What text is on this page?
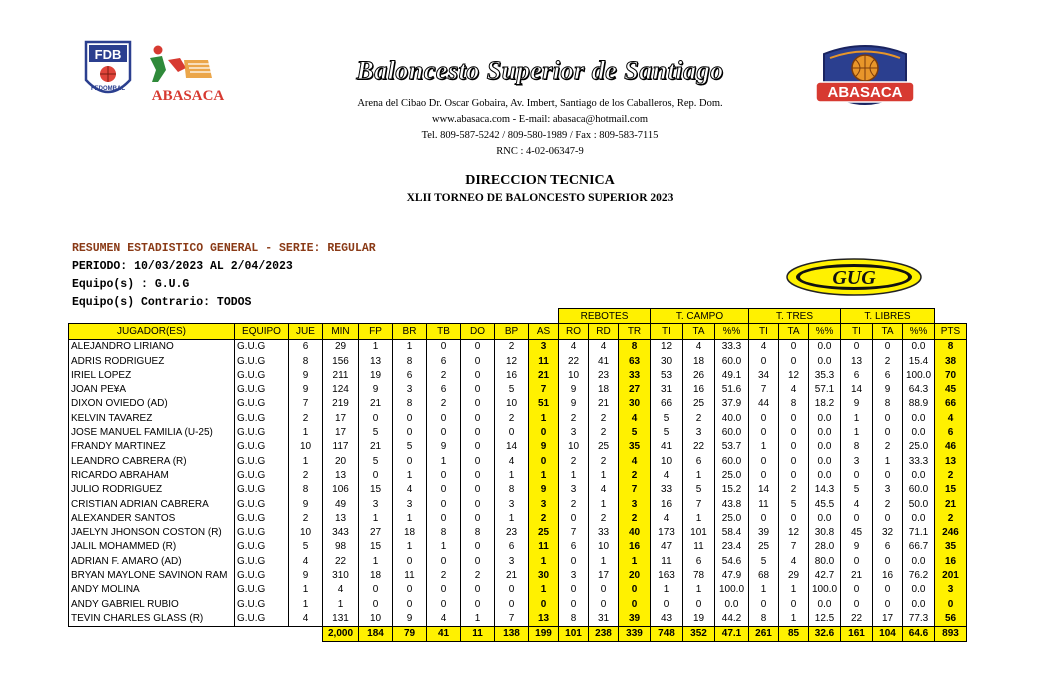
FDB
FEDOMBAL ABASACA
Baloncesto Superior de Santiago
Arena del Cibao Dr. Oscar Gobaira, Av. Imbert, Santiago de los Caballeros, Rep. Dom.
www.abasaca.com - E-mail: abasaca@hotmail.com
Tel. 809-587-5242 / 809-580-1989 / Fax : 809-583-7115
RNC : 4-02-06347-9
ABASACA
DIRECCION TECNICA
XLII TORNEO DE BALONCESTO SUPERIOR 2023
RESUMEN ESTADISTICO GENERAL - SERIE: REGULAR
PERIODO: 10/03/2023 AL 2/04/2023
Equipo(s) : G.U.G
Equipo(s) Contrario: TODOS
GUG
										REBOTES			T. CAMPO			T. TRES			T. LIBRES			
JUGADOR(ES)	EQUIPO	JUE	MIN	FP	BR	TB	DO	BP	AS	RO	RD	TR	TI	TA	%%	TI	TA	%%	TI	TA	%%	PTS
ALEJANDRO LIRIANO	G.U.G	6	29	1	1	0	0	2	3	4	4	8	12	4	33.3	4	0	0.0	0	0	0.0	8
ADRIS RODRIGUEZ	G.U.G	8	156	13	8	6	0	12	11	22	41	63	30	18	60.0	0	0	0.0	13	2	15.4	38
IRIEL LOPEZ	G.U.G	9	211	19	6	2	0	16	21	10	23	33	53	26	49.1	34	12	35.3	6	6	100.0	70
JOAN PE¥A	G.U.G	9	124	9	3	6	0	5	7	9	18	27	31	16	51.6	7	4	57.1	14	9	64.3	45
DIXON OVIEDO (AD)	G.U.G	7	219	21	8	2	0	10	51	9	21	30	66	25	37.9	44	8	18.2	9	8	88.9	66
KELVIN TAVAREZ	G.U.G	2	17	0	0	0	0	2	1	2	2	4	5	2	40.0	0	0	0.0	1	0	0.0	4
JOSE MANUEL FAMILIA (U-25)	G.U.G	1	17	5	0	0	0	0	0	3	2	5	5	3	60.0	0	0	0.0	1	0	0.0	6
FRANDY MARTINEZ	G.U.G	10	117	21	5	9	0	14	9	10	25	35	41	22	53.7	1	0	0.0	8	2	25.0	46
LEANDRO CABRERA (R)	G.U.G	1	20	5	0	1	0	4	0	2	2	4	10	6	60.0	0	0	0.0	3	1	33.3	13
RICARDO ABRAHAM	G.U.G	2	13	0	1	0	0	1	1	1	1	2	4	1	25.0	0	0	0.0	0	0	0.0	2
JULIO RODRIGUEZ	G.U.G	8	106	15	4	0	0	8	9	3	4	7	33	5	15.2	14	2	14.3	5	3	60.0	15
CRISTIAN ADRIAN CABRERA	G.U.G	9	49	3	3	0	0	3	3	2	1	3	16	7	43.8	11	5	45.5	4	2	50.0	21
ALEXANDER SANTOS	G.U.G	2	13	1	1	0	0	1	2	0	2	2	4	1	25.0	0	0	0.0	0	0	0.0	2
JAELYN JHONSON COSTON (R)	G.U.G	10	343	27	18	8	8	23	25	7	33	40	173	101	58.4	39	12	30.8	45	32	71.1	246
JALIL MOHAMMED (R)	G.U.G	5	98	15	1	1	0	6	11	6	10	16	47	11	23.4	25	7	28.0	9	6	66.7	35
ADRIAN F. AMARO (AD)	G.U.G	4	22	1	0	0	0	3	1	0	1	1	11	6	54.6	5	4	80.0	0	0	0.0	16
BRYAN MAYLONE SAVINON RAM	G.U.G	9	310	18	11	2	2	21	30	3	17	20	163	78	47.9	68	29	42.7	21	16	76.2	201
ANDY MOLINA	G.U.G	1	4	0	0	0	0	0	1	0	0	0	1	1	100.0	1	1	100.0	0	0	0.0	3
ANDY GABRIEL RUBIO	G.U.G	1	1	0	0	0	0	0	0	0	0	0	0	0	0.0	0	0	0.0	0	0	0.0	0
TEVIN CHARLES GLASS (R)	G.U.G	4	131	10	9	4	1	7	13	8	31	39	43	19	44.2	8	1	12.5	22	17	77.3	56
			2,000	184	79	41	11	138	199	101	238	339	748	352	47.1	261	85	32.6	161	104	64.6	893
